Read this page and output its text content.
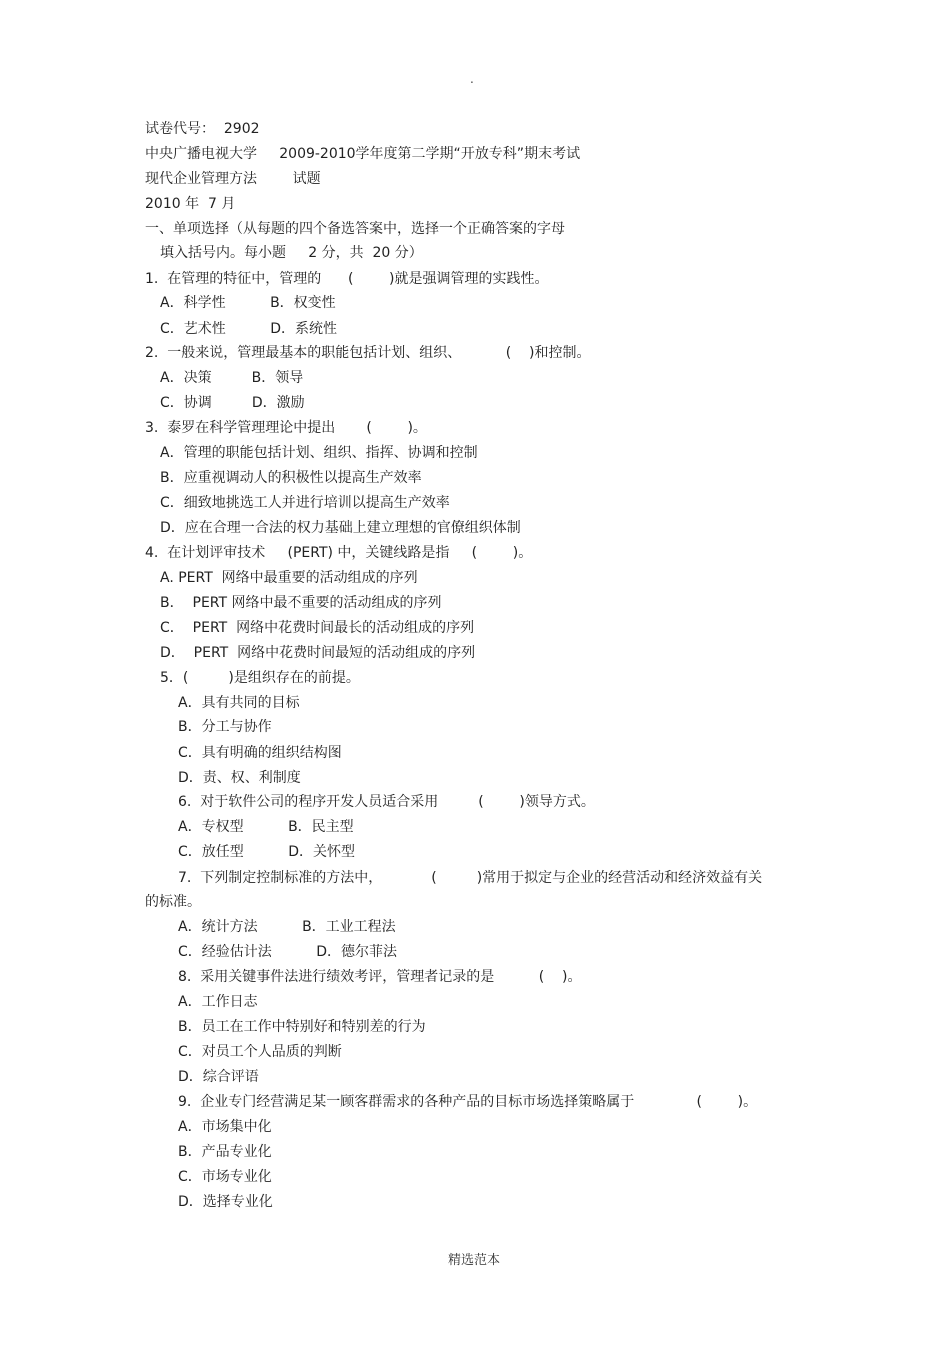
.
试卷代号：  2902
中央广播电视大学     2009-2010学年度第二学期“开放专科”期末考试
现代企业管理方法        试题
2010 年  7 月
一、单项选择（从每题的四个备选答案中，选择一个正确答案的字母
填入括号内。每小题     2 分，共  20 分）
1.  在管理的特征中，管理的      (        )就是强调管理的实践性。
A．科学性          B．权变性
C．艺术性          D．系统性
2.  一般来说，管理最基本的职能包括计划、组织、          (    )和控制。
A．决策         B．领导
C．协调         D．激励
3.  泰罗在科学管理理论中提出       (        )。
A．管理的职能包括计划、组织、指挥、协调和控制
B．应重视调动人的积极性以提高生产效率
C．细致地挑选工人并进行培训以提高生产效率
D．应在合理一合法的权力基础上建立理想的官僚组织体制
4.  在计划评审技术     (PERT) 中，关键线路是指     (        )。
A. PERT  网络中最重要的活动组成的序列
B．  PERT 网络中最不重要的活动组成的序列
C．  PERT  网络中花费时间最长的活动组成的序列
D．  PERT  网络中花费时间最短的活动组成的序列
5．(         )是组织存在的前提。
A．具有共同的目标
B．分工与协作
C．具有明确的组织结构图
D．责、权、利制度
6.  对于软件公司的程序开发人员适合采用         (        )领导方式。
A．专权型          B．民主型
C．放任型          D．关怀型
7.  下列制定控制标准的方法中，           (         )常用于拟定与企业的经营活动和经济效益有关
的标准。
A．统计方法          B．工业工程法
C．经验估计法          D．德尔菲法
8.  采用关键事件法进行绩效考评，管理者记录的是          (    )。
A．工作日志
B．员工在工作中特别好和特别差的行为
C．对员工个人品质的判断
D．综合评语
9.  企业专门经营满足某一顾客群需求的各种产品的目标市场选择策略属于              (        )。
A．市场集中化
B．产品专业化
C．市场专业化
D．选择专业化
精选范本
